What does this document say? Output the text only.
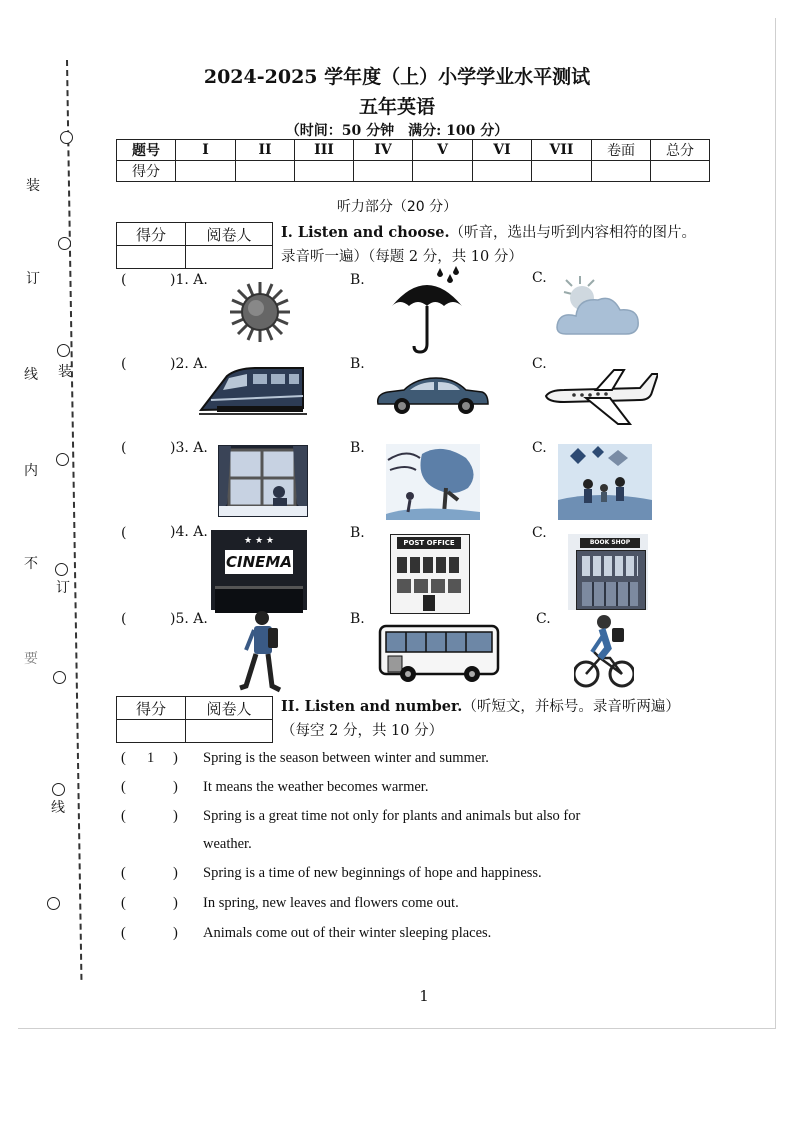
装
订
线
内
不
要
装
订
线
2024-2025 学年度（上）小学学业水平测试
五年英语
（时间：50 分钟　满分: 100 分）
题号	I	II	III	IV	V	VI	VII	卷面	总分
得分									
听力部分（20 分）
得分	阅卷人
	I. Listen and choose.（听音，选出与听到内容相符的图片。
录音听一遍）（每题 2 分，共 10 分）
(	)1. A.	B.	C.
(	)2. A.	B.	C.
(	)3. A.	B.	C.
(	)4. A.	B.	C.
★ ★ ★
CINEMA
POST OFFICE	BOOK SHOP
(	)5. A.	B.	C.
得分	阅卷人
	II. Listen and number.（听短文，并标号。录音听两遍）
（每空 2 分，共 10 分）
( 1 ) Spring is the season between winter and summer.
(	) It means the weather becomes warmer.
(	) Spring is a great time not only for plants and animals but also for
weather.
(	) Spring is a time of new beginnings of hope and happiness.
(	) In spring, new leaves and flowers come out.
(	) Animals come out of their winter sleeping places.
1
